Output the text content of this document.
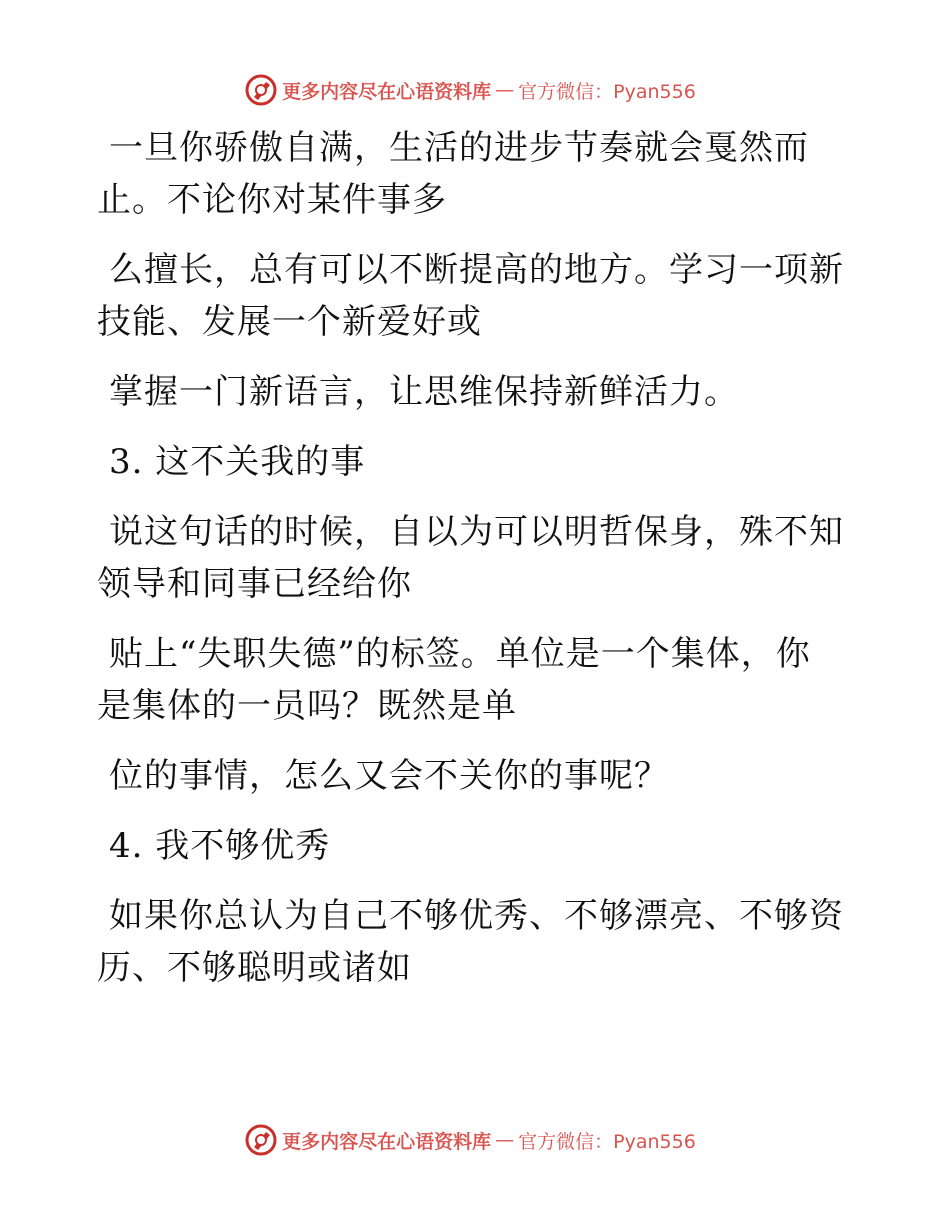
更多内容尽在心语资料库 — 官方微信：Pyan556
一旦你骄傲自满，生活的进步节奏就会戛然而
止。不论你对某件事多
么擅长，总有可以不断提高的地方。学习一项新
技能、发展一个新爱好或
掌握一门新语言，让思维保持新鲜活力。
3. 这不关我的事
说这句话的时候，自以为可以明哲保身，殊不知
领导和同事已经给你
贴上“失职失德”的标签。单位是一个集体，你
是集体的一员吗？既然是单
位的事情，怎么又会不关你的事呢？
4. 我不够优秀
如果你总认为自己不够优秀、不够漂亮、不够资
历、不够聪明或诸如
更多内容尽在心语资料库 — 官方微信：Pyan556
